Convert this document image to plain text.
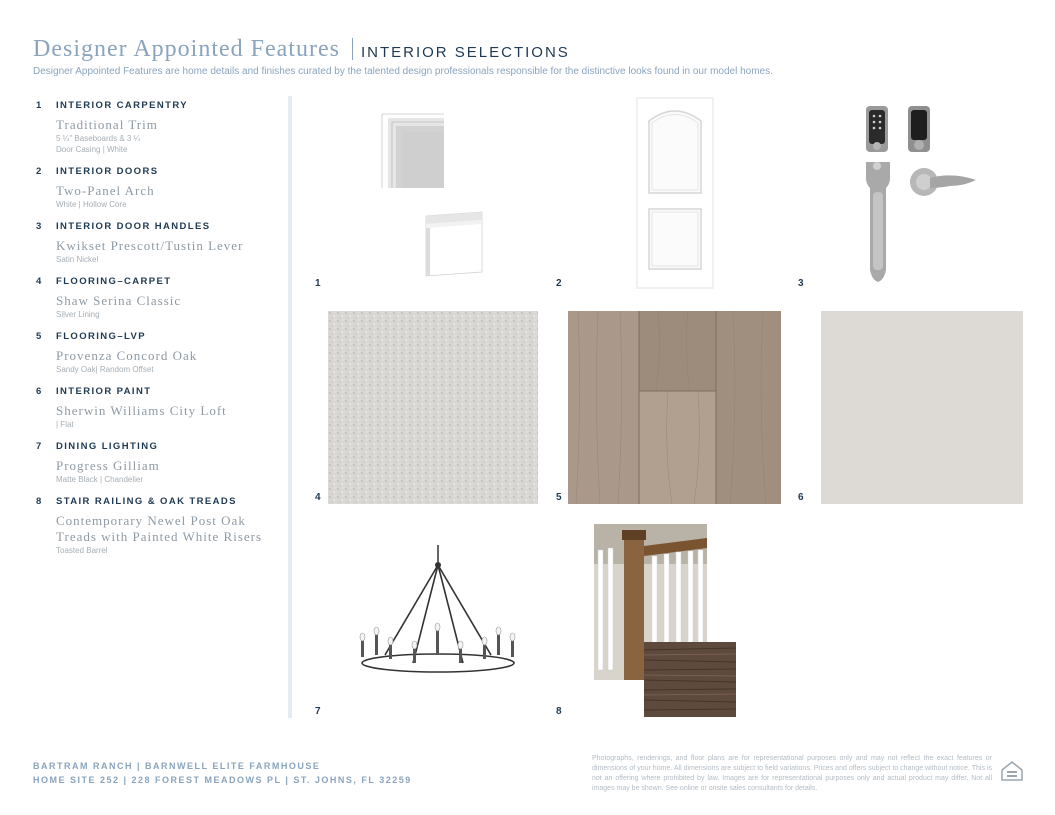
Designer Appointed Features INTERIOR SELECTIONS
Designer Appointed Features are home details and finishes curated by the talented design professionals responsible for the distinctive looks found in our model homes.
1 INTERIOR CARPENTRY
Traditional Trim
5 ¼" Baseboards & 3 ¼
Door Casing | White
2 INTERIOR DOORS
Two-Panel Arch
White | Hollow Core
3 INTERIOR DOOR HANDLES
Kwikset Prescott/Tustin Lever
Satin Nickel
4 FLOORING–CARPET
Shaw Serina Classic
Silver Lining
5 FLOORING–LVP
Provenza Concord Oak
Sandy Oak| Random Offset
6 INTERIOR PAINT
Sherwin Williams City Loft
| Flat
7 DINING LIGHTING
Progress Gilliam
Matte Black | Chandelier
8 STAIR RAILING & OAK TREADS
Contemporary Newel Post Oak Treads with Painted White Risers
Toasted Barrel
1	2	3
4	5	6
7	8
BARTRAM RANCH | BARNWELL ELITE FARMHOUSE
HOME SITE 252 | 228 FOREST MEADOWS PL | ST. JOHNS, FL 32259
Photographs, renderings, and floor plans are for representational purposes only and may not reflect the exact features or dimensions of your home. All dimensions are subject to field variations. Prices and offers subject to change without notice. This is not an offering where prohibited by law. Images are for representational purposes only and actual product may differ. Not all images may be shown. See online or onsite sales consultants for details.
